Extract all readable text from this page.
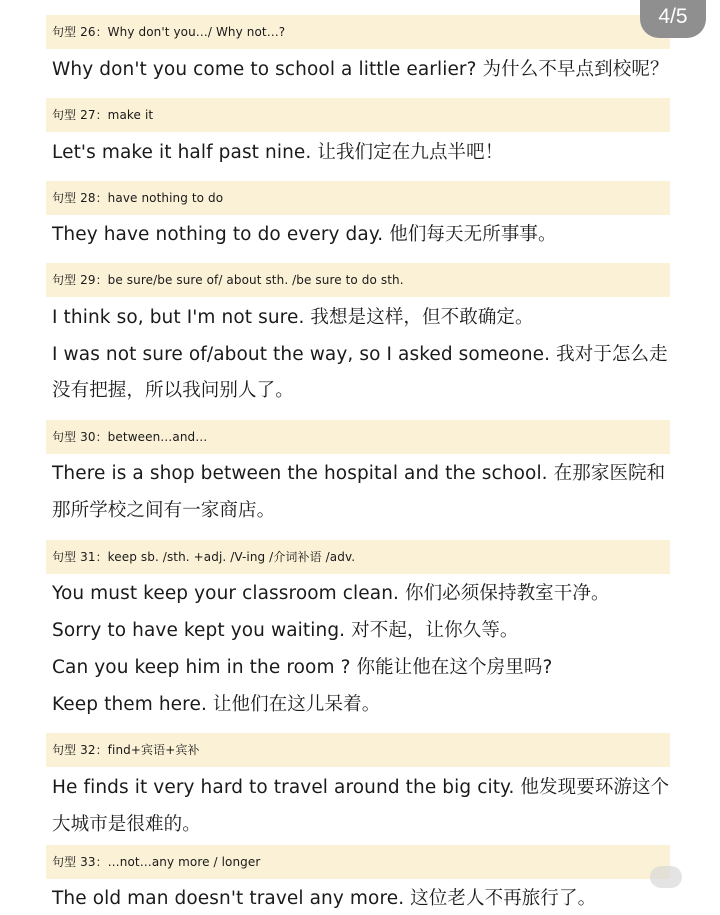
句型 26：Why don't you…/ Why not…?
Why don't you come to school a little earlier? 为什么不早点到校呢？
句型 27：make it
Let's make it half past nine. 让我们定在九点半吧！
句型 28：have nothing to do
They have nothing to do every day. 他们每天无所事事。
句型 29：be sure/be sure of/ about sth. /be sure to do sth.
I think so, but I'm not sure. 我想是这样，但不敢确定。
I was not sure of/about the way, so I asked someone. 我对于怎么走
没有把握，所以我问别人了。
句型 30：between…and…
There is a shop between the hospital and the school. 在那家医院和
那所学校之间有一家商店。
句型 31：keep sb. /sth. +adj. /V-ing /介词补语 /adv.
You must keep your classroom clean. 你们必须保持教室干净。
Sorry to have kept you waiting. 对不起，让你久等。
Can you keep him in the room ? 你能让他在这个房里吗?
Keep them here. 让他们在这儿呆着。
句型 32：find+宾语+宾补
He finds it very hard to travel around the big city. 他发现要环游这个
大城市是很难的。
句型 33：…not…any more / longer
The old man doesn't travel any more. 这位老人不再旅行了。
4/5
